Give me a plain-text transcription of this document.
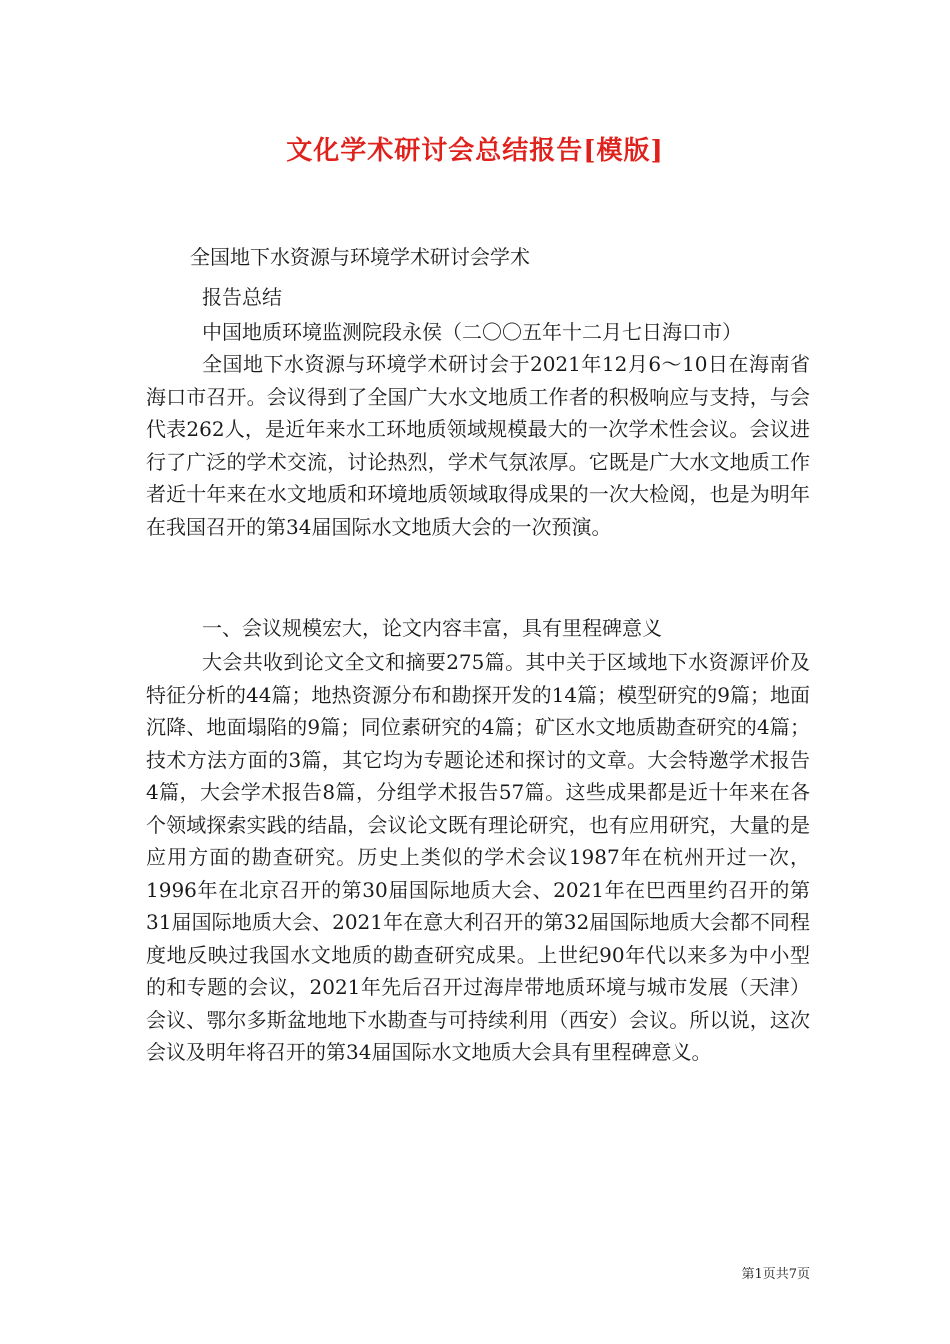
文化学术研讨会总结报告[模版]
全国地下水资源与环境学术研讨会学术
报告总结
中国地质环境监测院段永侯（二〇〇五年十二月七日海口市）

全国地下水资源与环境学术研讨会于2021年12月6～10日在海南省海口市召开。会议得到了全国广大水文地质工作者的积极响应与支持，与会代表262人，是近年来水工环地质领域规模最大的一次学术性会议。会议进行了广泛的学术交流，讨论热烈，学术气氛浓厚。它既是广大水文地质工作者近十年来在水文地质和环境地质领域取得成果的一次大检阅，也是为明年在我国召开的第34届国际水文地质大会的一次预演。

一、会议规模宏大，论文内容丰富，具有里程碑意义

大会共收到论文全文和摘要275篇。其中关于区域地下水资源评价及特征分析的44篇；地热资源分布和勘探开发的14篇；模型研究的9篇；地面沉降、地面塌陷的9篇；同位素研究的4篇；矿区水文地质勘查研究的4篇；技术方法方面的3篇，其它均为专题论述和探讨的文章。大会特邀学术报告4篇，大会学术报告8篇，分组学术报告57篇。这些成果都是近十年来在各个领域探索实践的结晶，会议论文既有理论研究，也有应用研究，大量的是应用方面的勘查研究。历史上类似的学术会议1987年在杭州开过一次，1996年在北京召开的第30届国际地质大会、2021年在巴西里约召开的第31届国际地质大会、2021年在意大利召开的第32届国际地质大会都不同程度地反映过我国水文地质的勘查研究成果。上世纪90年代以来多为中小型的和专题的会议，2021年先后召开过海岸带地质环境与城市发展（天津）会议、鄂尔多斯盆地地下水勘查与可持续利用（西安）会议。所以说，这次会议及明年将召开的第34届国际水文地质大会具有里程碑意义。

第1页共7页
